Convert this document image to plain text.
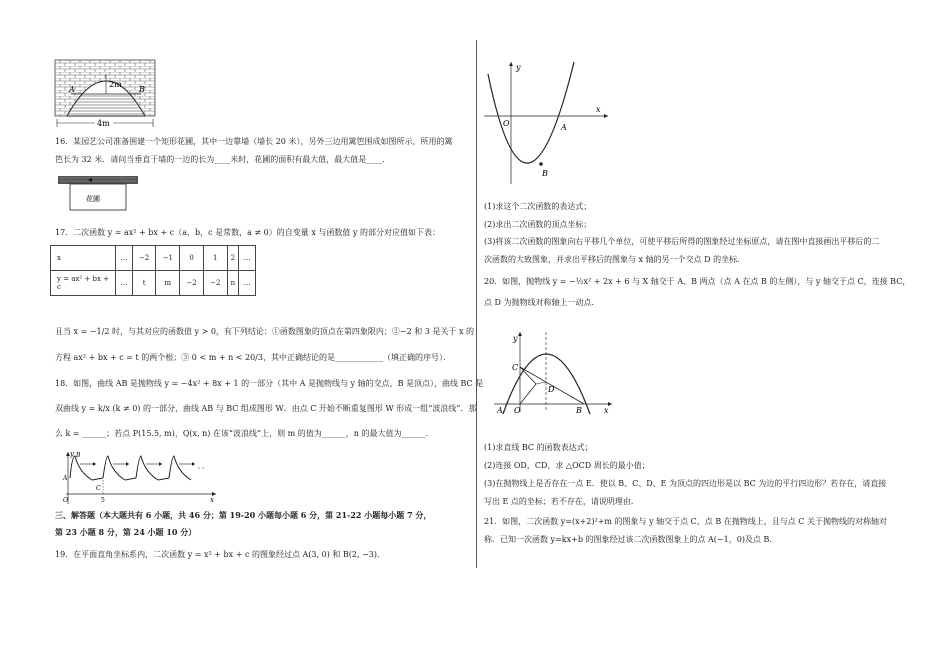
2m
A	B
4m
16．某园艺公司准备围建一个矩形花圃，其中一边靠墙（墙长 20 米），另外三边用篱笆围成如图所示，所用的篱
笆长为 32 米．请问当垂直于墙的一边的长为____米时，花圃的面积有最大值，最大值是____．
花圃
17．二次函数 y = ax² + bx + c（a，b，c 是常数，a ≠ 0）的自变量 x 与函数值 y 的部分对应值如下表：
x	…	−2	−1	0	1	2	…
y = ax² + bx + c	…	t	m	−2	−2	n	…
且当 x = −1/2 时，与其对应的函数值 y > 0，有下列结论：①函数图象的顶点在第四象限内；②−2 和 3 是关于 x 的
方程 ax² + bx + c = t 的两个根；③ 0 < m + n < 20/3，其中正确结论的是____________（填正确的序号）．
18．如图，曲线 AB 是抛物线 y = −4x² + 8x + 1 的一部分（其中 A 是抛物线与 y 轴的交点，B 是顶点），曲线 BC 是
双曲线 y = k/x (k ≠ 0) 的一部分，曲线 AB 与 BC 组成图形 W．由点 C 开始不断重复图形 W 形成一组“波浪线”．那
么 k = ______；若点 P(15.5, m)，Q(x, n) 在该“波浪线”上，则 m 的值为______，n 的最大值为______．
y B
A
O
C
5	x
三、解答题（本大题共有 6 小题，共 46 分；第 19-20 小题每小题 6 分，第 21-22 小题每小题 7 分，
第 23 小题 8 分，第 24 小题 10 分）
19．在平面直角坐标系内，二次函数 y = x² + bx + c 的图象经过点 A(3, 0) 和 B(2, −3)．
y
x
O	A
B
(1)求这个二次函数的表达式；
(2)求出二次函数的顶点坐标；
(3)将该二次函数的图象向右平移几个单位，可使平移后所得的图象经过坐标原点，请在图中直接画出平移后的二
次函数的大致图象，并求出平移后的图象与 x 轴的另一个交点 D 的坐标．
20．如图，抛物线 y = −½x² + 2x + 6 与 X 轴交于 A、B 两点（点 A 在点 B 的左侧），与 y 轴交于点 C，连接 BC，
点 D 为抛物线对称轴上一动点．
y
C
D
A O	B	x
(1)求直线 BC 的函数表达式；
(2)连接 OD，CD，求 △OCD 周长的最小值；
(3)在抛物线上是否存在一点 E．使以 B、C、D、E 为顶点的四边形是以 BC 为边的平行四边形？若存在，请直接
写出 E 点的坐标；若不存在，请说明理由．
21．如图，二次函数 y=(x+2)²+m 的图象与 y 轴交于点 C，点 B 在抛物线上，且与点 C 关于抛物线的对称轴对
称．已知一次函数 y=kx+b 的图象经过该二次函数图象上的点 A(−1，0)及点 B．
